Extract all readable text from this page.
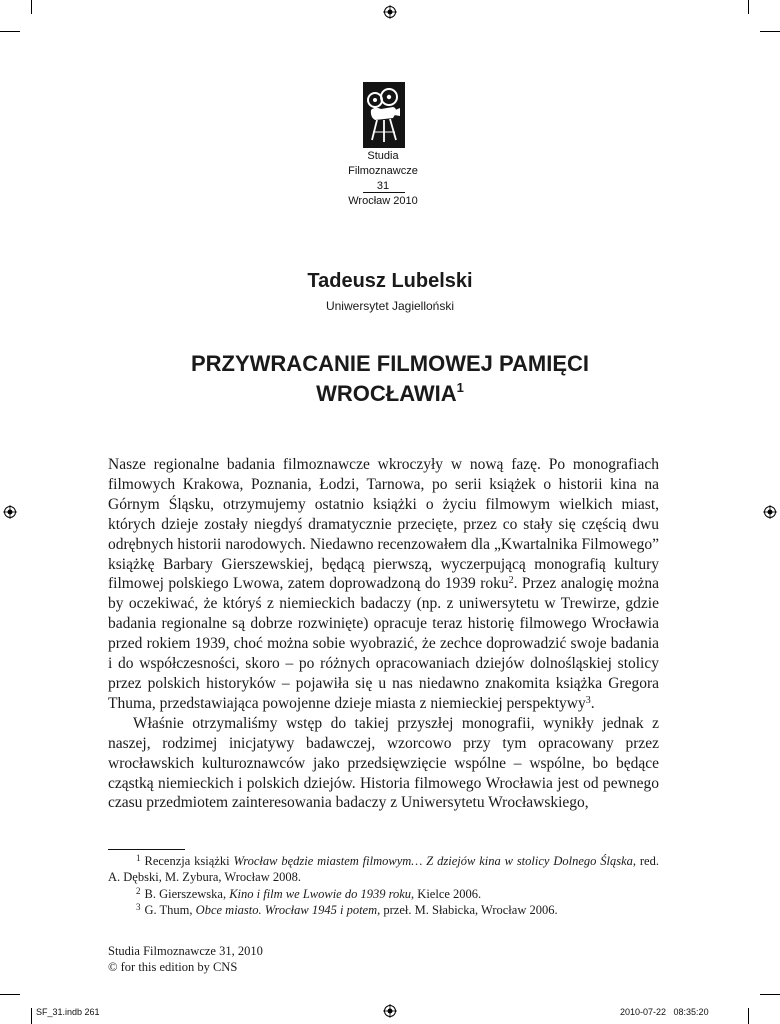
Studia
Filmoznawcze
31
Wrocław 2010
Tadeusz Lubelski
Uniwersytet Jagielloński
PRZYWRACANIE FILMOWEJ PAMIĘCI
WROCŁAWIA$^1$

Nasze regionalne badania filmoznawcze wkroczyły w nową fazę. Po monografiach filmowych Krakowa, Poznania, Łodzi, Tarnowa, po serii książek o historii kina na Górnym Śląsku, otrzymujemy ostatnio książki o życiu filmowym wielkich miast, których dzieje zostały niegdyś dramatycznie przecięte, przez co stały się częścią dwu odrębnych historii narodowych. Niedawno recenzowałem dla „Kwartalnika Filmowego” książkę Barbary Gierszewskiej, będącą pierwszą, wyczerpującą monografią kultury filmowej polskiego Lwowa, zatem doprowadzoną do 1939 roku$^2$. Przez analogię można by oczekiwać, że któryś z niemieckich badaczy (np. z uniwersytetu w Trewirze, gdzie badania regionalne są dobrze rozwinięte) opracuje teraz historię filmowego Wrocławia przed rokiem 1939, choć można sobie wyobrazić, że zechce doprowadzić swoje badania i do współczesności, skoro – po różnych opracowaniach dziejów dolnośląskiej stolicy przez polskich historyków – pojawiła się u nas niedawno znakomita książka Gregora Thuma, przedstawiająca powojenne dzieje miasta z niemieckiej perspektywy$^3$.

Właśnie otrzymaliśmy wstęp do takiej przyszłej monografii, wynikły jednak z naszej, rodzimej inicjatywy badawczej, wzorcowo przy tym opracowany przez wrocławskich kulturoznawców jako przedsięwzięcie wspólne – wspólne, bo będące cząstką niemieckich i polskich dziejów. Historia filmowego Wrocławia jest od pewnego czasu przedmiotem zainteresowania badaczy z Uniwersytetu Wrocławskiego,

$^1$ Recenzja książki Wrocław będzie miastem filmowym… Z dziejów kina w stolicy Dolnego Śląska, red. A. Dębski, M. Zybura, Wrocław 2008.

$^2$ B. Gierszewska, Kino i film we Lwowie do 1939 roku, Kielce 2006.

$^3$ G. Thum, Obce miasto. Wrocław 1945 i potem, przeł. M. Słabicka, Wrocław 2006.

Studia Filmoznawcze 31, 2010
© for this edition by CNS
SF_31.indb 261	2010-07-22   08:35:20
